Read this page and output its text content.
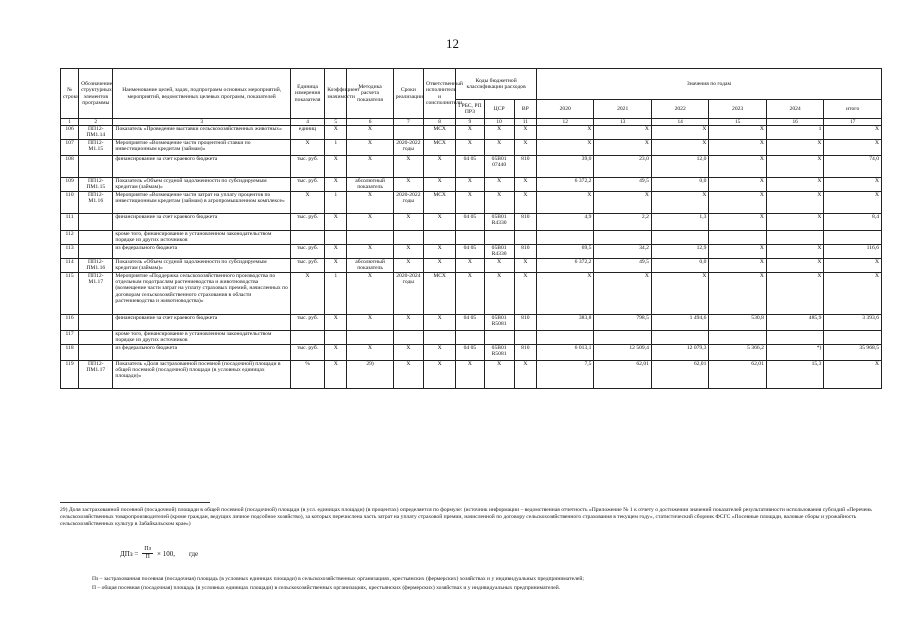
12
№ строки	Обозначение структурных элементов программы	Наименование целей, задач, подпрограмм основных мероприятий, мероприятий, ведомственных целевых программ, показателей	Единица измерения показателя	Коэффициент значимости	Методика расчета показателя	Сроки реализации	Ответственный исполнитель и соисполнители	Коды бюджетной классификации расходов			Значения по годам					
								ГРБС, РП ПРЗ	ЦСР	ВР	2020	2021	2022	2023	2024	итого
1	2	3	4	5	6	7	8	9	10	11	12	13	14	15	16	17
106	ПП12-ПМ1.14	Показатель «Проведение выставки сельскохозяйственных животных»	единиц	X	X		МСХ	X	X	X	X	X	X	X	1	X
107	ПП12-М1.15	Мероприятие «Возмещение части процентной ставки по инвестиционным кредитам (займам)»	X	1	X	2020-2022 годы	МСХ	X	X	X	X	X	X	X	X	X
108		финансирование за счет краевого бюджета	тыс. руб.	X	X	X	X	04 05	05В01 07440	810	39,0	23,0	12,0	X	X	74,0
109	ПП12-ПМ1.15	Показатель «Объем ссудной задолженности по субсидируемым кредитам (займам)»	тыс. руб.	X	абсолютный показатель	X	X	X	X	X	6 372,2	49,5	0,0	X	X	X
110	ПП12-М1.16	Мероприятие «Возмещение части затрат на уплату процентов по инвестиционным кредитам (займам) в агропромышленном комплексе»	X	1	X	2020-2022 годы	МСХ	X	X	X	X	X	X	X	X	X
111		финансирование за счет краевого бюджета	тыс. руб.	X	X	X	X	04 05	05В01 R4330	810	4,9	2,2	1,3	X	X	8,4
112		кроме того, финансирование в установленном законодательством порядке из других источников														
113		из федерального бюджета	тыс. руб.	X	X	X	X	04 05	05В01 R4330	810	69,5	34,2	12,9	X	X	116,6
114	ПП12-ПМ1.16	Показатель «Объем ссудной задолженности по субсидируемым кредитам (займам)»	тыс. руб.	X	абсолютный показатель	X	X	X	X	X	6 372,2	49,5	0,0	X	X	X
115	ПП12-М1.17	Мероприятие «Поддержка сельскохозяйственного производства по отдельным подотраслям растениеводства и животноводства (возмещение части затрат на уплату страховых премий, начисленных по договорам сельскохозяйственного страхования в области растениеводства и животноводства)»	X	1	X	2020-2024 годы	МСХ	X	X	X	X	X	X	X	X	X
116		финансирование за счет краевого бюджета	тыс. руб.	X	X	X	X	04 05	05В01 R5081	810	383,8	798,5	1 494,6	530,8	485,9	3 393,6
117		кроме того, финансирование в установленном законодательством порядке из других источников														
118		из федерального бюджета	тыс. руб.	X	X	X	X	04 05	05В01 R5081	810	6 013,1	12 509,4	12 079,3	5 366,2	*)	35 968,5
119	ПП12-ПМ1.17	Показатель «Доля застрахованной посевной (посадочной) площади в общей посевной (посадочной) площади (в условных единицах площади)»	%	X	29)	X	X	X	X	X	7,5	62,01	62,01	62,01	15,3	X
29) Доля застрахованной посевной (посадочной) площади в общей посевной (посадочной) площади (в усл. единицах площади) (в процентах) определяется по формуле: (источник информации – ведомственная отчетность «Приложение № 1 к отчету о достижении значений показателей результативности использования субсидий «Перечень сельскохозяйственных товаропроизводителей (кроме граждан, ведущих личное подсобное хозяйство), за которых перечислена часть затрат на уплату страховой премии, начисленной по договору сельскохозяйственного страхования в текущем году», статистический сборник ФСГС «Посевные площади, валовые сборы и урожайность сельскохозяйственных культур в Забайкальском крае»)
ДПз = $\frac{Пз}{П} \times 100$, где
Пз – застрахованная посевная (посадочная) площадь (в условных единицах площади) в сельскохозяйственных организациях, крестьянских (фермерских) хозяйствах и у индивидуальных предпринимателей;
П – общая посевная (посадочная) площадь (в условных единицах площади) в сельскохозяйственных организациях, крестьянских (фермерских) хозяйствах и у индивидуальных предпринимателей.
